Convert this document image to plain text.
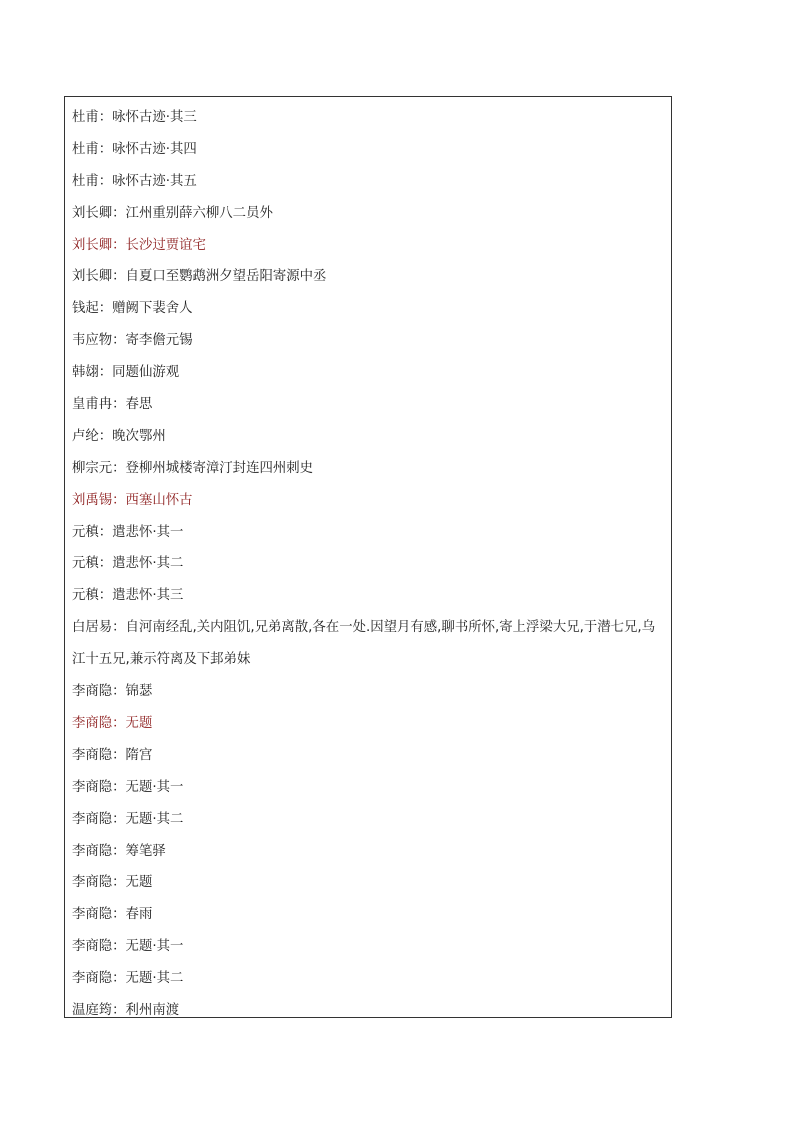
杜甫：咏怀古迹·其三
杜甫：咏怀古迹·其四
杜甫：咏怀古迹·其五
刘长卿：江州重别薛六柳八二员外
刘长卿：长沙过贾谊宅
刘长卿：自夏口至鹦鹉洲夕望岳阳寄源中丞
钱起：赠阙下裴舍人
韦应物：寄李儋元锡
韩翃：同题仙游观
皇甫冉：春思
卢纶：晚次鄂州
柳宗元：登柳州城楼寄漳汀封连四州刺史
刘禹锡：西塞山怀古
元稹：遣悲怀·其一
元稹：遣悲怀·其二
元稹：遣悲怀·其三
白居易：自河南经乱,关内阻饥,兄弟离散,各在一处.因望月有感,聊书所怀,寄上浮梁大兄,于潜七兄,乌江十五兄,兼示符离及下邽弟妹
李商隐：锦瑟
李商隐：无题
李商隐：隋宫
李商隐：无题·其一
李商隐：无题·其二
李商隐：筹笔驿
李商隐：无题
李商隐：春雨
李商隐：无题·其一
李商隐：无题·其二
温庭筠：利州南渡
